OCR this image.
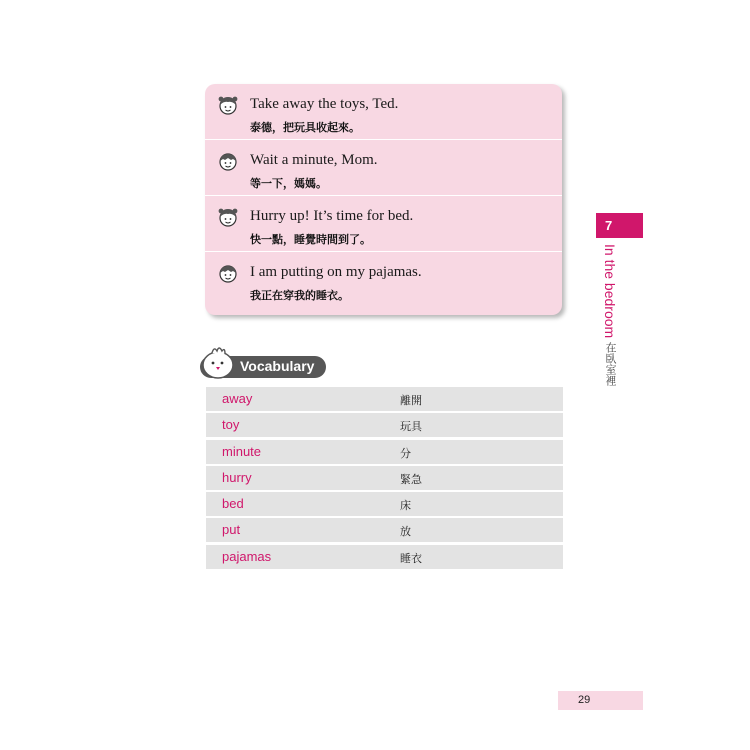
Take away the toys, Ted.
泰德，把玩具收起來。
Wait a minute, Mom.
等一下，媽媽。
Hurry up! It’s time for bed.
快一點，睡覺時間到了。
I am putting on my pajamas.
我正在穿我的睡衣。
Vocabulary
away	離開
toy	玩具
minute	分
hurry	緊急
bed	床
put	放
pajamas	睡衣
7
In the bedroom在臥室裡
29
